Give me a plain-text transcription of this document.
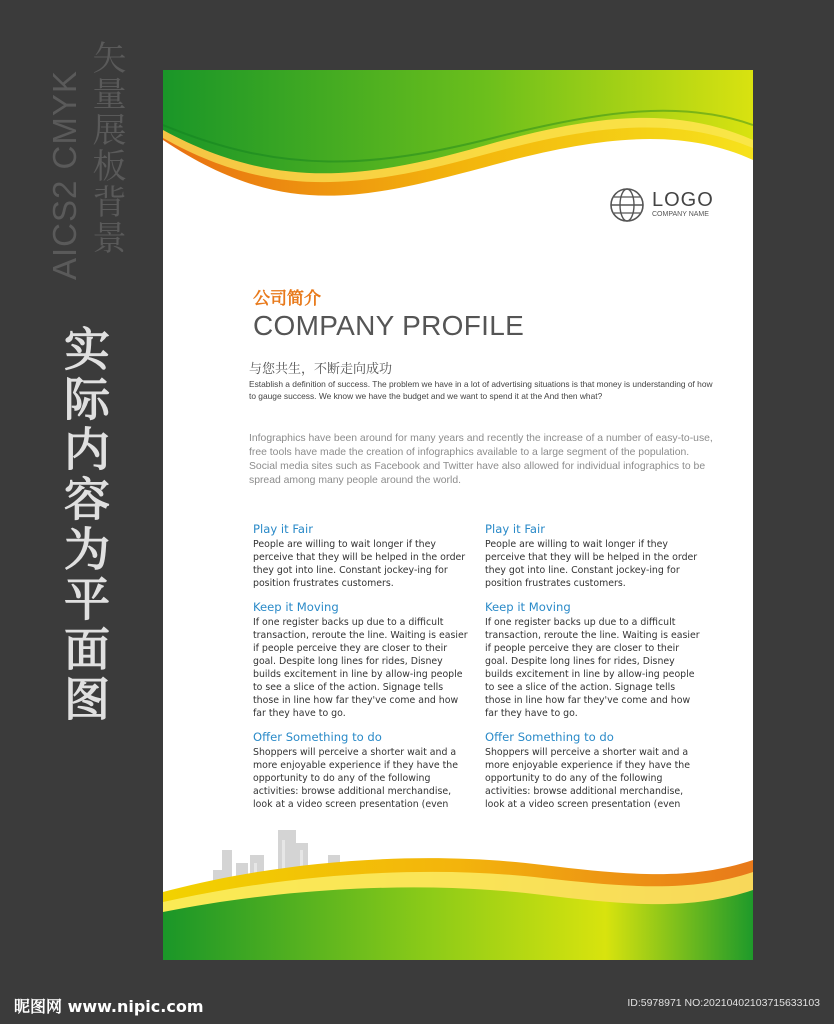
AICS2 CMYK 矢量展板背景
实际内容为平面图
LOGO
COMPANY NAME
公司简介
COMPANY PROFILE
与您共生，不断走向成功
Establish a definition of success. The problem we have in a lot of advertising situations is that money is understanding of how to gauge success. We know we have the budget and we want to spend it at the And then what?
Infographics have been around for many years and recently the increase of a number of easy-to-use, free tools have made the creation of infographics available to a large segment of the population. Social media sites such as Facebook and Twitter have also allowed for individual infographics to be spread among many people around the world.
Play it Fair

People are willing to wait longer if they perceive that they will be helped in the order they got into line. Constant jockey-ing for position frustrates customers.

Keep it Moving

If one register backs up due to a difficult transaction, reroute the line. Waiting is easier if people perceive they are closer to their goal. Despite long lines for rides, Disney builds excitement in line by allow-ing people to see a slice of the action. Signage tells those in line how far they've come and how far they have to go.

Offer Something to do

Shoppers will perceive a shorter wait and a more enjoyable experience if they have the opportunity to do any of the following activities: browse additional merchandise, look at a video screen presentation (even

Play it Fair

People are willing to wait longer if they perceive that they will be helped in the order they got into line. Constant jockey-ing for position frustrates customers.

Keep it Moving

If one register backs up due to a difficult transaction, reroute the line. Waiting is easier if people perceive they are closer to their goal. Despite long lines for rides, Disney builds excitement in line by allow-ing people to see a slice of the action. Signage tells those in line how far they've come and how far they have to go.

Offer Something to do

Shoppers will perceive a shorter wait and a more enjoyable experience if they have the opportunity to do any of the following activities: browse additional merchandise, look at a video screen presentation (even

昵图网 www.nipic.com	ID:5978971 NO:20210402103715633103
